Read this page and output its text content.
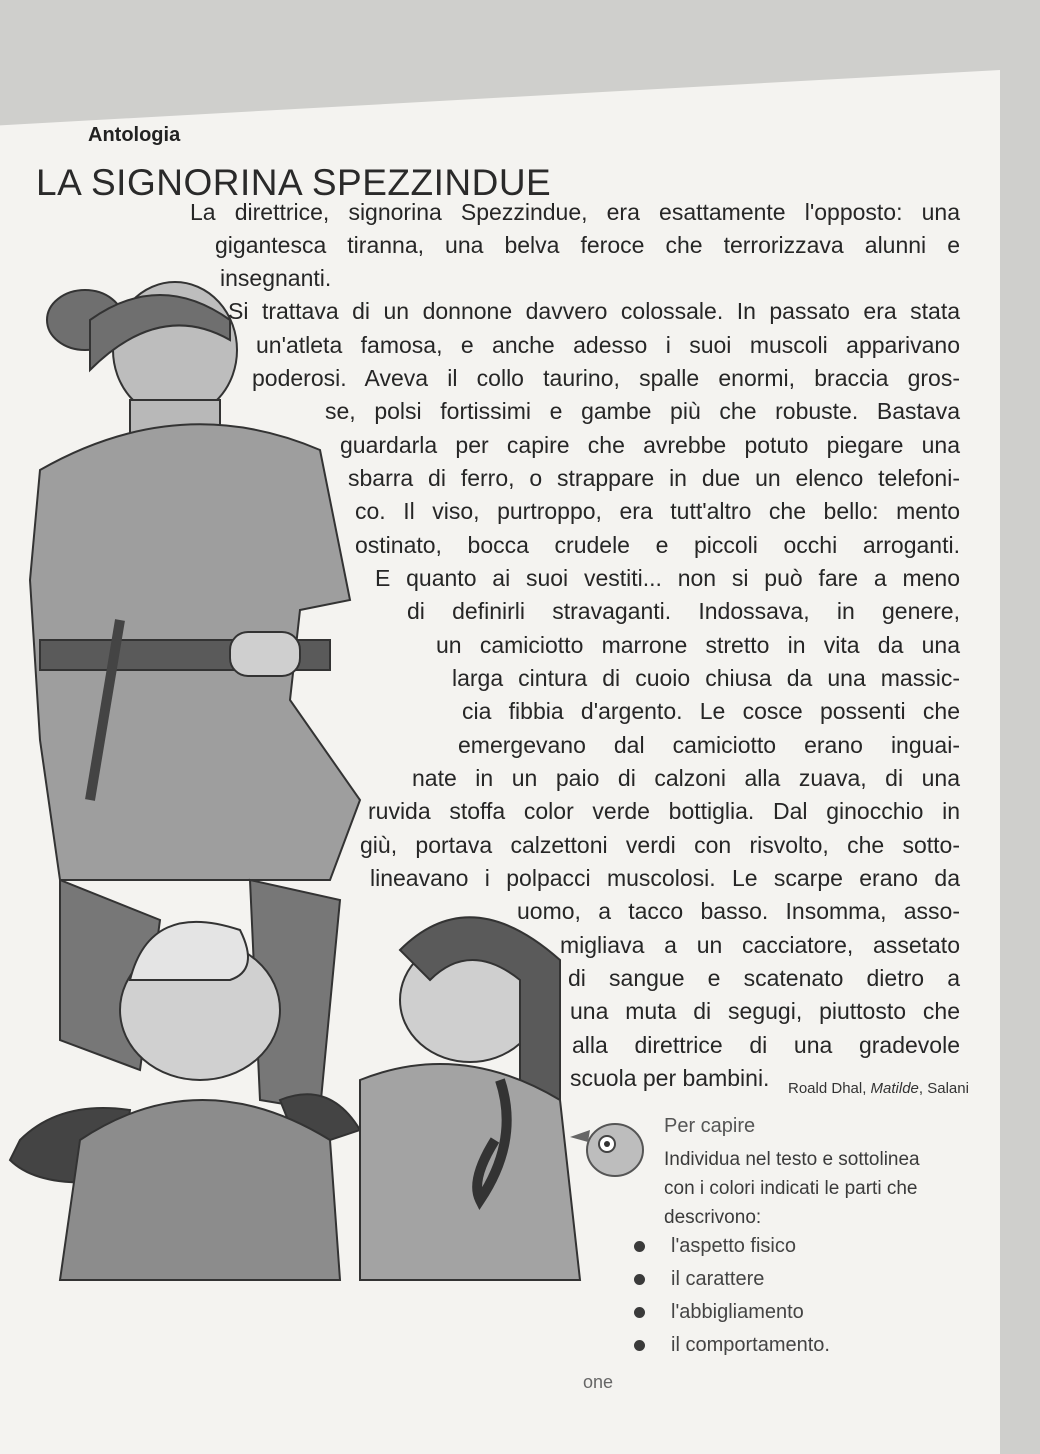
Antologia
LA SIGNORINA SPEZZINDUE
La direttrice, signorina Spezzindue, era esattamente l'opposto: una
gigantesca tiranna, una belva feroce che terrorizzava alunni e
insegnanti.
Si trattava di un donnone davvero colossale. In passato era stata
un'atleta famosa, e anche adesso i suoi muscoli apparivano
poderosi. Aveva il collo taurino, spalle enormi, braccia gros-
se, polsi fortissimi e gambe più che robuste. Bastava
guardarla per capire che avrebbe potuto piegare una
sbarra di ferro, o strappare in due un elenco telefoni-
co. Il viso, purtroppo, era tutt'altro che bello: mento
ostinato, bocca crudele e piccoli occhi arroganti.
E quanto ai suoi vestiti... non si può fare a meno
di definirli stravaganti. Indossava, in genere,
un camiciotto marrone stretto in vita da una
larga cintura di cuoio chiusa da una massic-
cia fibbia d'argento. Le cosce possenti che
emergevano dal camiciotto erano inguai-
nate in un paio di calzoni alla zuava, di una
ruvida stoffa color verde bottiglia. Dal ginocchio in
giù, portava calzettoni verdi con risvolto, che sotto-
lineavano i polpacci muscolosi. Le scarpe erano da
uomo, a tacco basso. Insomma, asso-
migliava a un cacciatore, assetato
di sangue e scatenato dietro a
una muta di segugi, piuttosto che
alla direttrice di una gradevole
scuola per bambini.	Roald Dhal, Matilde, Salani

Per capire

Individua nel testo e sottolinea

con i colori indicati le parti che

descrivono:

l'aspetto fisico
il carattere
l'abbigliamento
il comportamento.
one
